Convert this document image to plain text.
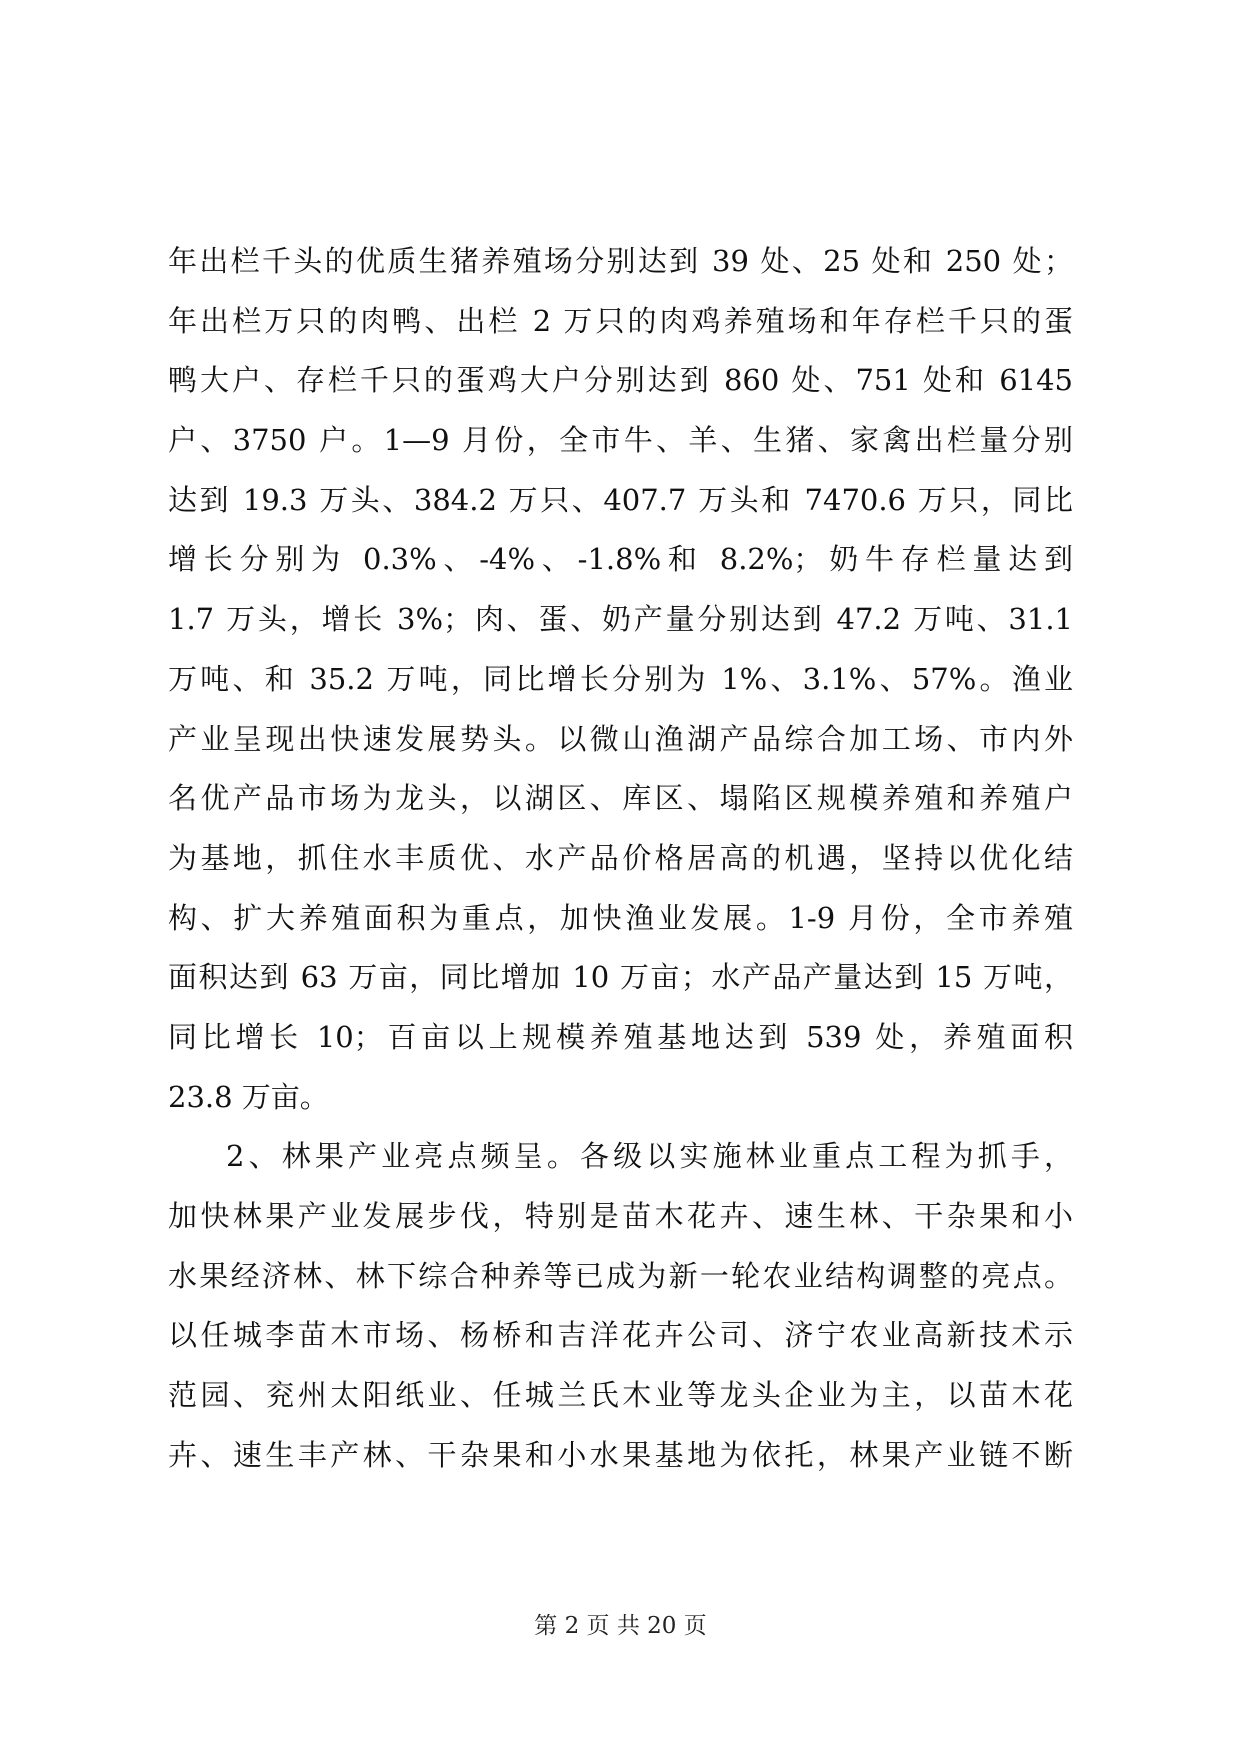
年出栏千头的优质生猪养殖场分别达到 39 处、25 处和 250 处；
年出栏万只的肉鸭、出栏 2 万只的肉鸡养殖场和年存栏千只的蛋
鸭大户、存栏千只的蛋鸡大户分别达到 860 处、751 处和 6145
户、3750 户。1—9 月份，全市牛、羊、生猪、家禽出栏量分别
达到 19.3 万头、384.2 万只、407.7 万头和 7470.6 万只，同比
增长分别为 0.3%、-4%、-1.8%和 8.2%；奶牛存栏量达到
1.7 万头，增长 3%；肉、蛋、奶产量分别达到 47.2 万吨、31.1
万吨、和 35.2 万吨，同比增长分别为 1%、3.1%、57%。渔业
产业呈现出快速发展势头。以微山渔湖产品综合加工场、市内外
名优产品市场为龙头，以湖区、库区、塌陷区规模养殖和养殖户
为基地，抓住水丰质优、水产品价格居高的机遇，坚持以优化结
构、扩大养殖面积为重点，加快渔业发展。1-9 月份，全市养殖
面积达到 63 万亩，同比增加 10 万亩；水产品产量达到 15 万吨，
同比增长 10；百亩以上规模养殖基地达到 539 处，养殖面积
23.8 万亩。
2、林果产业亮点频呈。各级以实施林业重点工程为抓手，
加快林果产业发展步伐，特别是苗木花卉、速生林、干杂果和小
水果经济林、林下综合种养等已成为新一轮农业结构调整的亮点。
以任城李苗木市场、杨桥和吉洋花卉公司、济宁农业高新技术示
范园、兖州太阳纸业、任城兰氏木业等龙头企业为主，以苗木花
卉、速生丰产林、干杂果和小水果基地为依托，林果产业链不断
第 2 页 共 20 页
